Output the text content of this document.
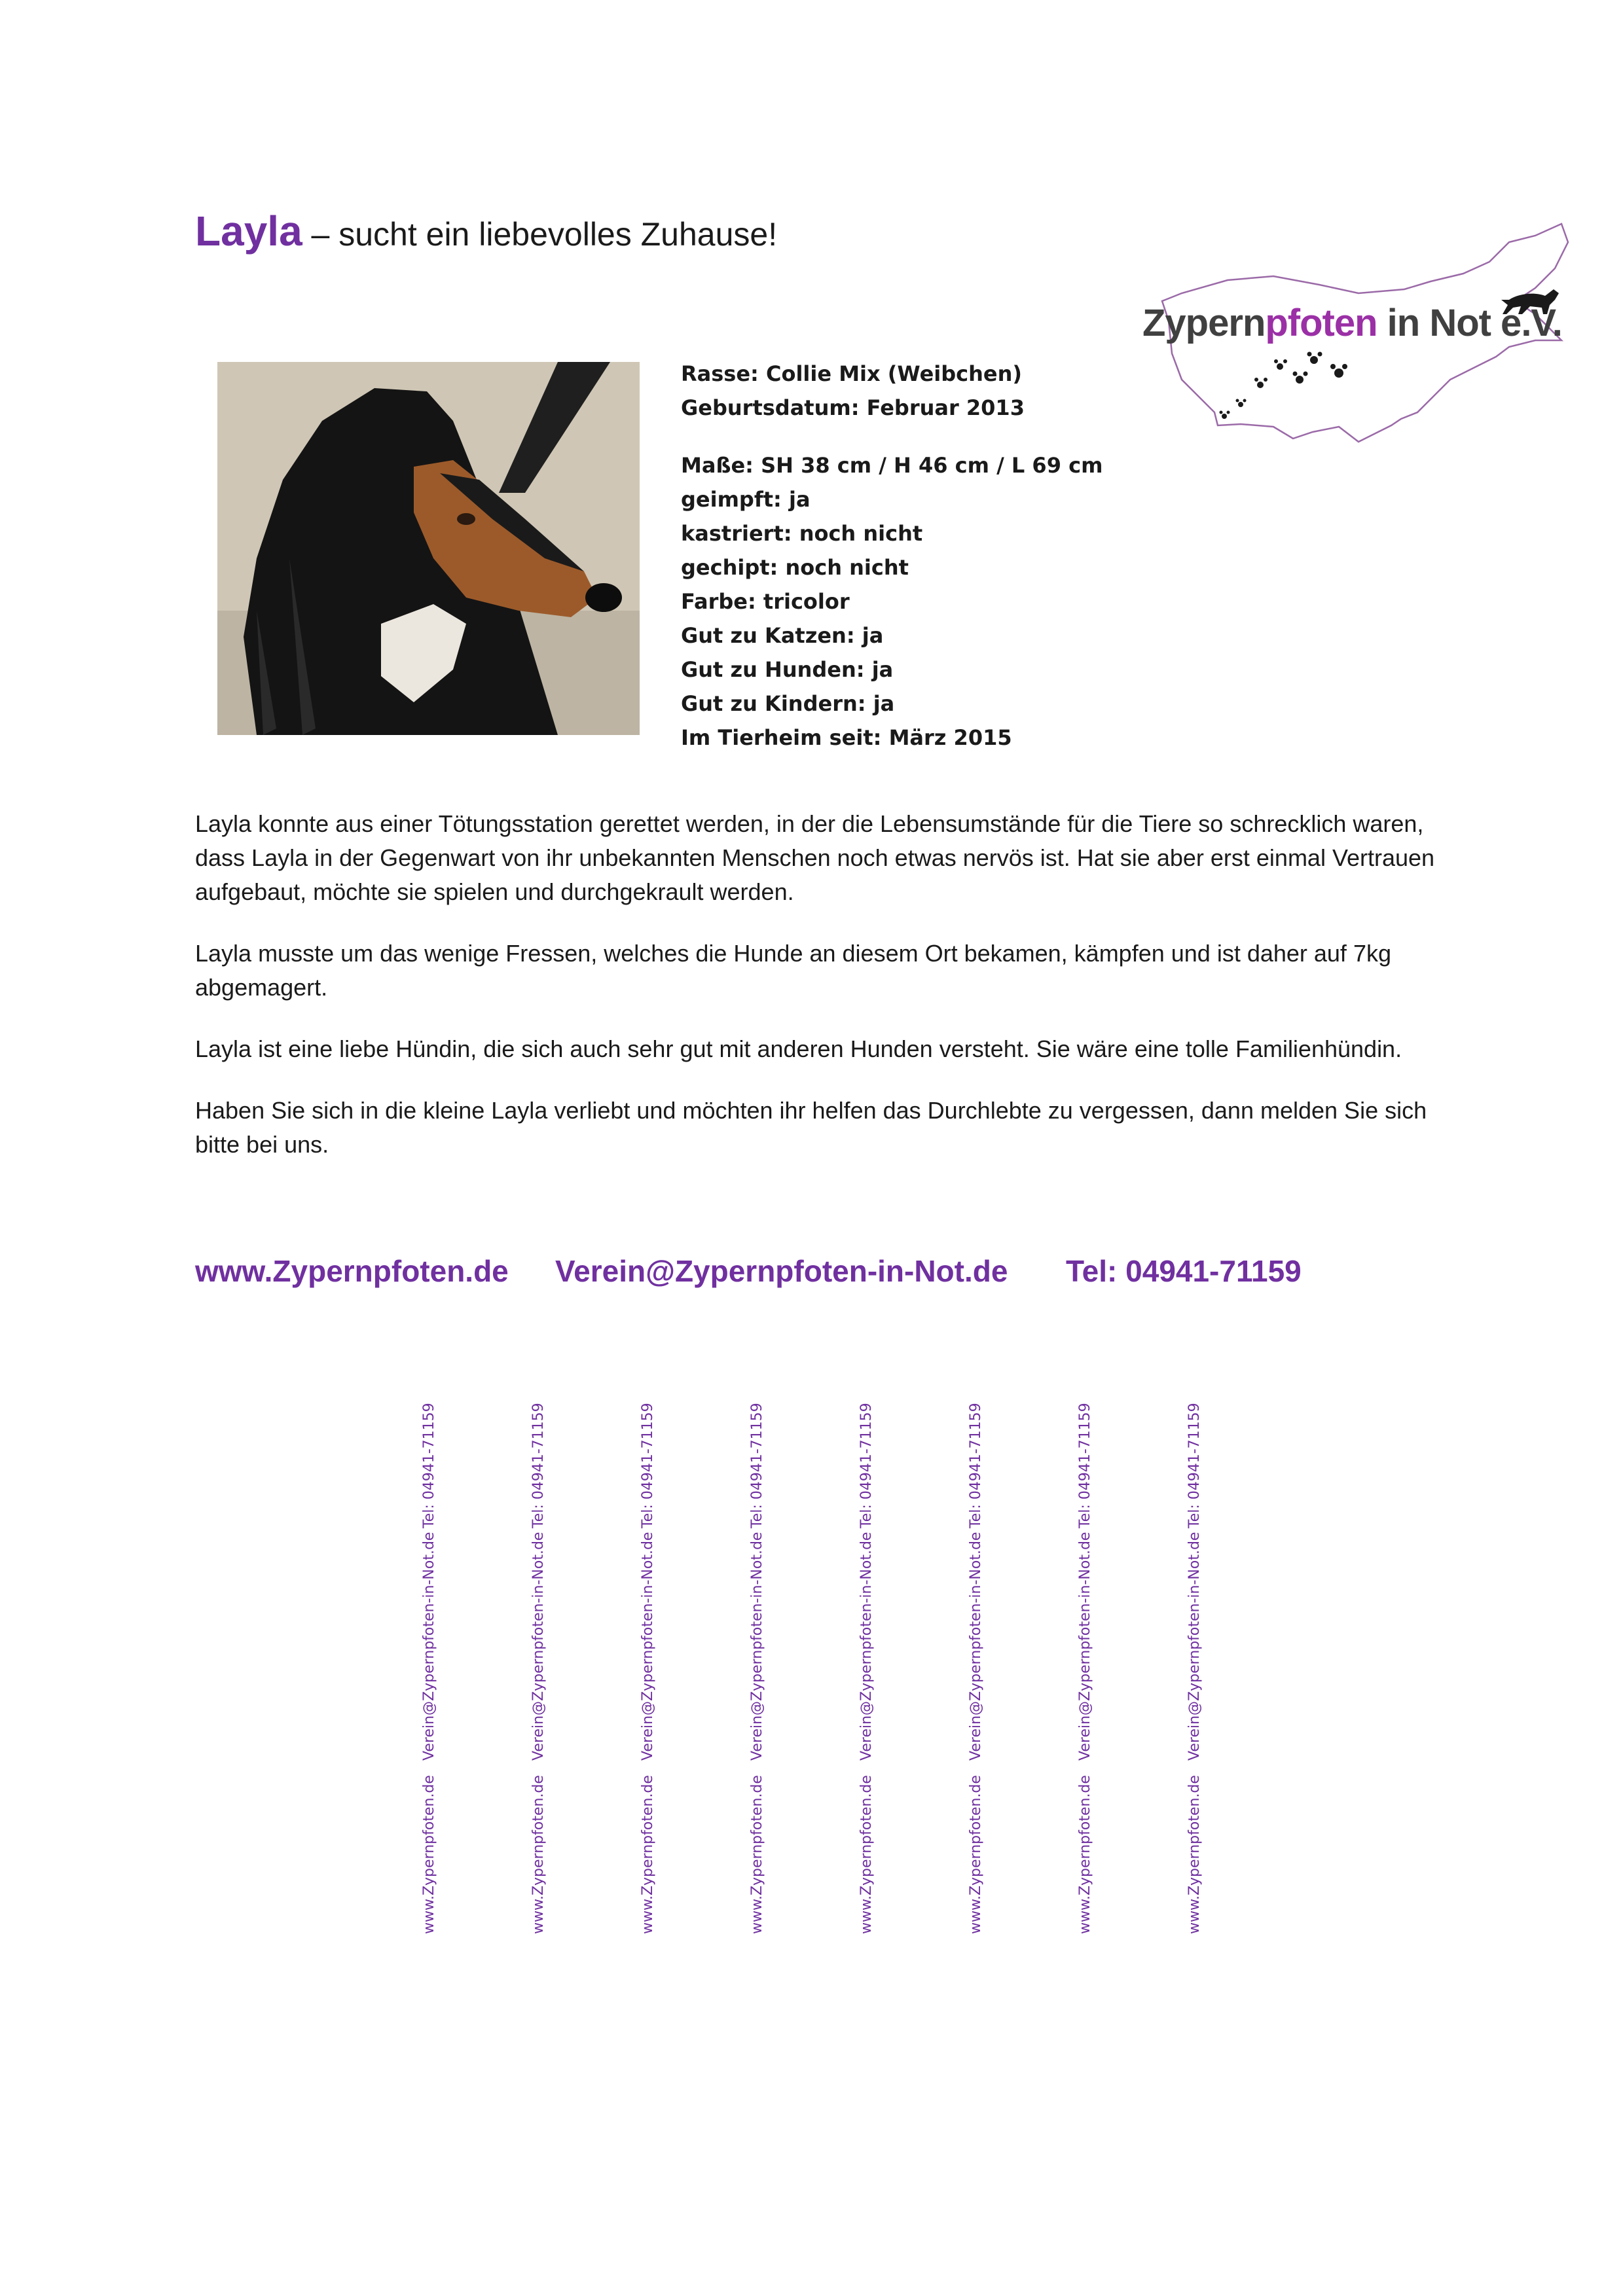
Layla – sucht ein liebevolles Zuhause!
Zypernpfoten in Not e.V.
Rasse: Collie Mix (Weibchen)
Geburtsdatum: Februar 2013
Maße: SH 38 cm / H 46 cm / L 69 cm
geimpft: ja
kastriert: noch nicht
gechipt: noch nicht
Farbe: tricolor
Gut zu Katzen: ja
Gut zu Hunden: ja
Gut zu Kindern: ja
Im Tierheim seit: März 2015

Layla konnte aus einer Tötungsstation gerettet werden, in der die Lebensumstände für die Tiere so schrecklich waren, dass Layla in der Gegenwart von ihr unbekannten Menschen noch etwas nervös ist. Hat sie aber erst einmal Vertrauen aufgebaut, möchte sie spielen und durchgekrault werden.

Layla musste um das wenige Fressen, welches die Hunde an diesem Ort bekamen, kämpfen und ist daher auf 7kg abgemagert.

Layla ist eine liebe Hündin, die sich auch sehr gut mit anderen Hunden versteht. Sie wäre eine tolle Familienhündin.

Haben Sie sich in die kleine Layla verliebt und möchten ihr helfen das Durchlebte zu vergessen, dann melden Sie sich bitte bei uns.

www.Zypernpfoten.de Verein@Zypernpfoten-in-Not.de Tel: 04941-71159
Tel: 04941-71159
Verein@Zypernpfoten-in-Not.de
www.Zypernpfoten.de
Tel: 04941-71159
Verein@Zypernpfoten-in-Not.de
www.Zypernpfoten.de
Tel: 04941-71159
Verein@Zypernpfoten-in-Not.de
www.Zypernpfoten.de
Tel: 04941-71159
Verein@Zypernpfoten-in-Not.de
www.Zypernpfoten.de
Tel: 04941-71159
Verein@Zypernpfoten-in-Not.de
www.Zypernpfoten.de
Tel: 04941-71159
Verein@Zypernpfoten-in-Not.de
www.Zypernpfoten.de
Tel: 04941-71159
Verein@Zypernpfoten-in-Not.de
www.Zypernpfoten.de
Tel: 04941-71159
Verein@Zypernpfoten-in-Not.de
www.Zypernpfoten.de
